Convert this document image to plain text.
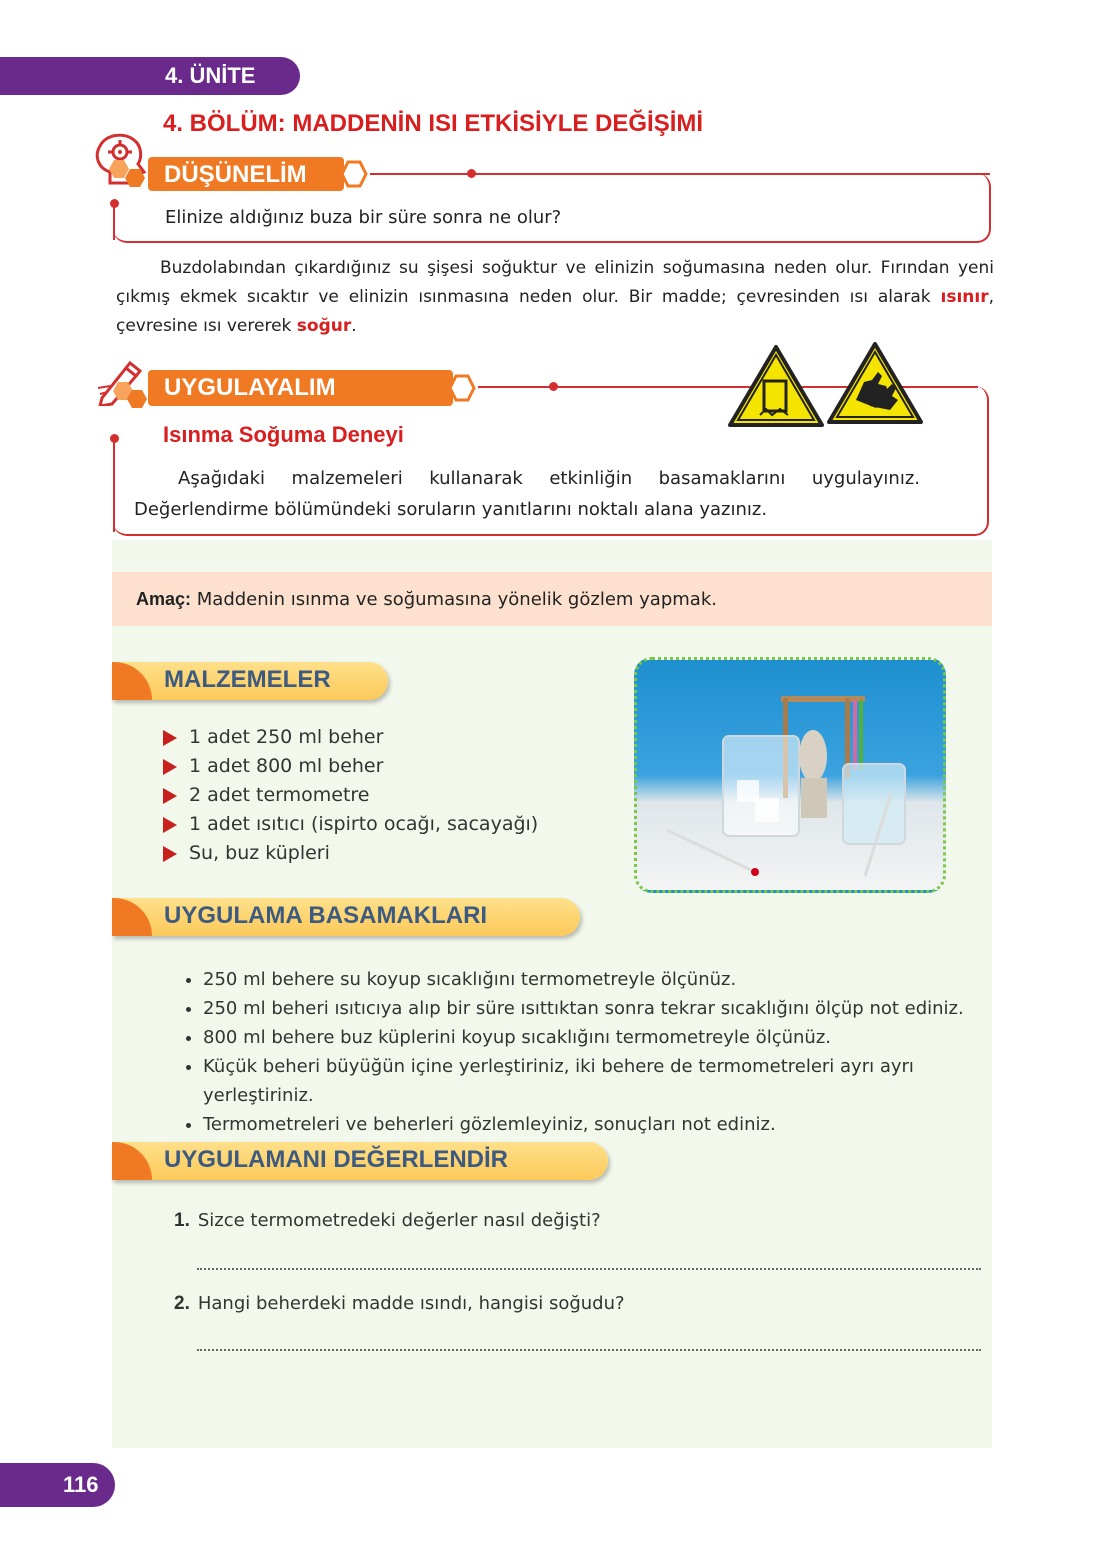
4. ÜNİTE
4. BÖLÜM: MADDENİN ISI ETKİSİYLE DEĞİŞİMİ
DÜŞÜNELİM
Elinize aldığınız buza bir süre sonra ne olur?
Buzdolabından çıkardığınız su şişesi soğuktur ve elinizin soğumasına neden olur. Fırından yeni çıkmış ekmek sıcaktır ve elinizin ısınmasına neden olur. Bir madde; çevresinden ısı alarak ısınır, çevresine ısı vererek soğur.
UYGULAYALIM
Isınma Soğuma Deneyi
Aşağıdaki malzemeleri kullanarak etkinliğin basamaklarını uygulayınız. Değerlendirme bölümündeki soruların yanıtlarını noktalı alana yazınız.
Amaç: Maddenin ısınma ve soğumasına yönelik gözlem yapmak.
MALZEMELER
1 adet 250 ml beher
1 adet 800 ml beher
2 adet termometre
1 adet ısıtıcı (ispirto ocağı, sacayağı)
Su, buz küpleri
UYGULAMA BASAMAKLARI
• 250 ml behere su koyup sıcaklığını termometreyle ölçünüz.
• 250 ml beheri ısıtıcıya alıp bir süre ısıttıktan sonra tekrar sıcaklığını ölçüp not ediniz.
• 800 ml behere buz küplerini koyup sıcaklığını termometreyle ölçünüz.
• Küçük beheri büyüğün içine yerleştiriniz, iki behere de termometreleri ayrı ayrı yerleştiriniz.
• Termometreleri ve beherleri gözlemleyiniz, sonuçları not ediniz.
UYGULAMANI DEĞERLENDİR
1. Sizce termometredeki değerler nasıl değişti?
2. Hangi beherdeki madde ısındı, hangisi soğudu?
116
